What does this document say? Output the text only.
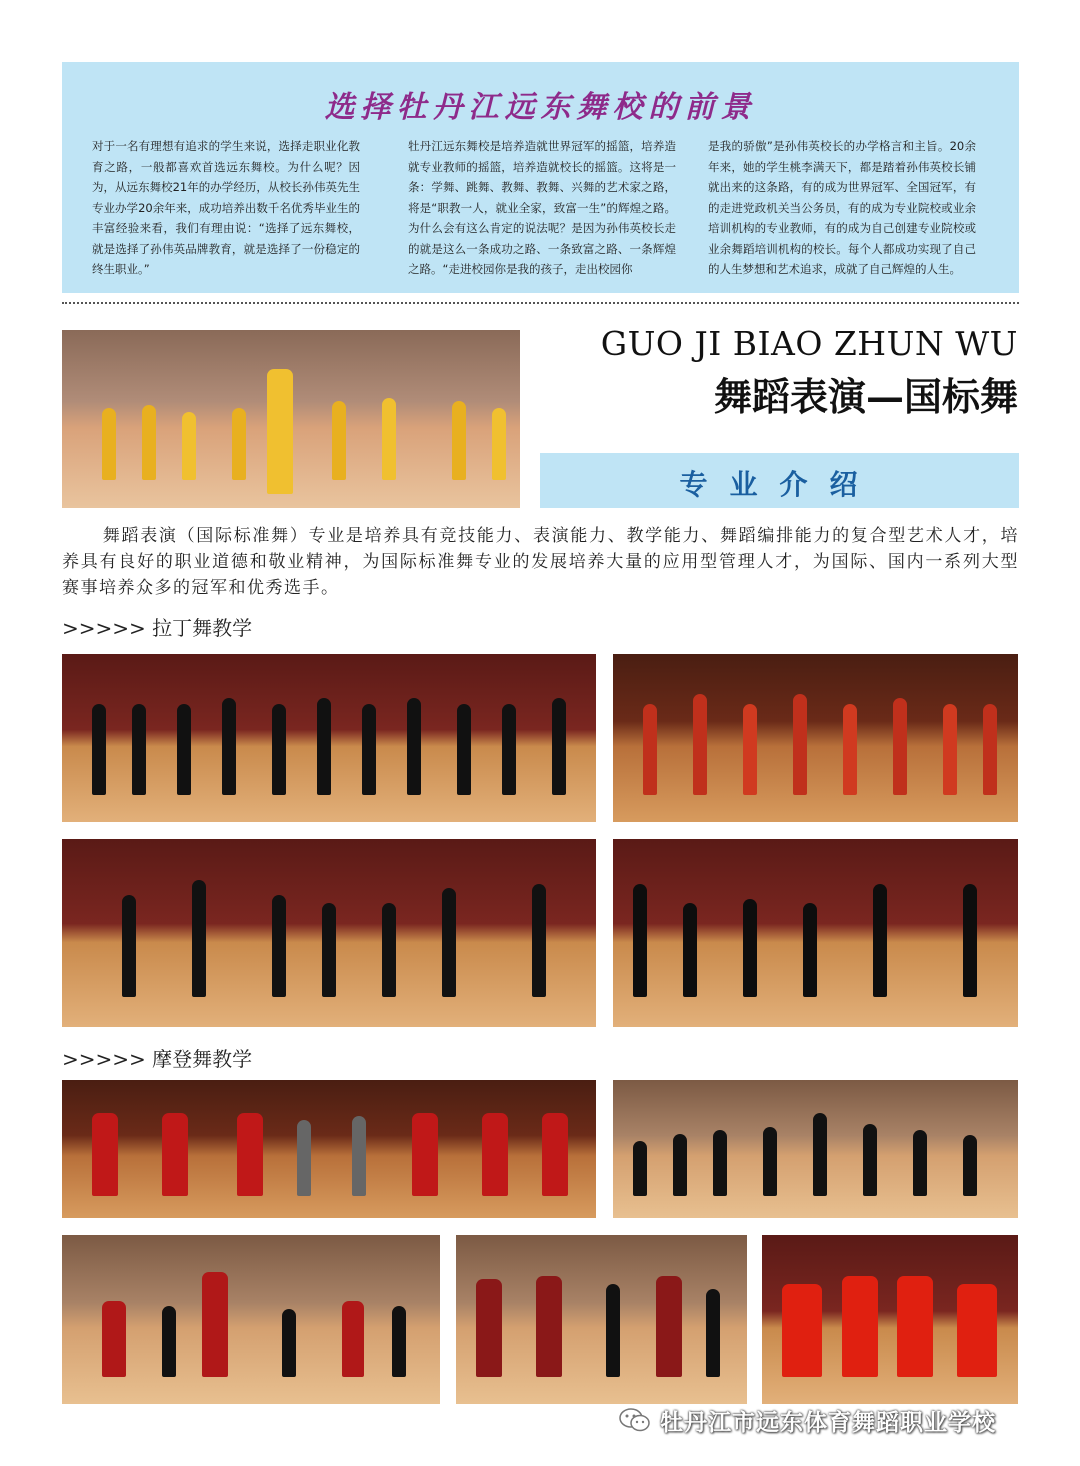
选择牡丹江远东舞校的前景
对于一名有理想有追求的学生来说，选择走职业化教育之路，一般都喜欢首选远东舞校。为什么呢？因为，从远东舞校21年的办学经历，从校长孙伟英先生专业办学20余年来，成功培养出数千名优秀毕业生的丰富经验来看，我们有理由说：“选择了远东舞校，就是选择了孙伟英品牌教育，就是选择了一份稳定的终生职业。”
牡丹江远东舞校是培养造就世界冠军的摇篮，培养造就专业教师的摇篮，培养造就校长的摇篮。这将是一条：学舞、跳舞、教舞、教舞、兴舞的艺术家之路，将是“职教一人，就业全家，致富一生”的辉煌之路。为什么会有这么肯定的说法呢？是因为孙伟英校长走的就是这么一条成功之路、一条致富之路、一条辉煌之路。“走进校园你是我的孩子，走出校园你
是我的骄傲”是孙伟英校长的办学格言和主旨。20余年来，她的学生桃李满天下，都是踏着孙伟英校长铺就出来的这条路，有的成为世界冠军、全国冠军，有的走进党政机关当公务员，有的成为专业院校或业余培训机构的专业教师，有的成为自己创建专业院校或业余舞蹈培训机构的校长。每个人都成功实现了自己的人生梦想和艺术追求，成就了自己辉煌的人生。
GUO JI BIAO ZHUN WU
舞蹈表演—国标舞
专业介绍
舞蹈表演（国际标准舞）专业是培养具有竞技能力、表演能力、教学能力、舞蹈编排能力的复合型艺术人才，培养具有良好的职业道德和敬业精神，为国际标准舞专业的发展培养大量的应用型管理人才，为国际、国内一系列大型赛事培养众多的冠军和优秀选手。
>>>>> 拉丁舞教学
>>>>> 摩登舞教学
牡丹江市远东体育舞蹈职业学校
